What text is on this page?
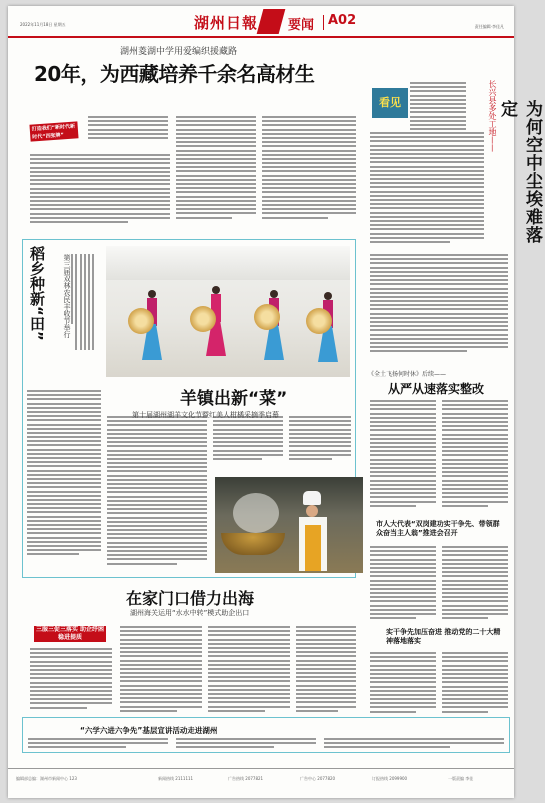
2022年11月18日 星期五	湖州日報 要闻 A02	责任编辑·李佳凡
湖州菱湖中学用爱编织援藏路
20年，为西藏培养千余名高材生
打造我们“新时代新时代“四张牌”
看见	长兴县多处工地——	为何空中尘埃难落定
稻乡种新“田” 第三届双林农民丰收节举行
羊镇出新“菜”
第十届湖州湖羊文化节暨红美人柑橘采摘季启幕
在家门口借力出海
湖州海关运用“水水中转”模式助企出口
三服三促三落实 助企纾困稳进提质
《全土飞扬何时休》后续——
从严从速落实整改
市人大代表“双岗建功实干争先、带领群众奋当主人翁”推进会召开
实干争先加压奋进 推动党的二十大精神落地落实
“六学六进六争先”基层宣讲活动走进湖州
编辑部总编：湖州市新闻中心 123	新闻热线 2111111	广告热线 2077821	广告中心 2077820	订报热线 2099900	一版责编 李佳
